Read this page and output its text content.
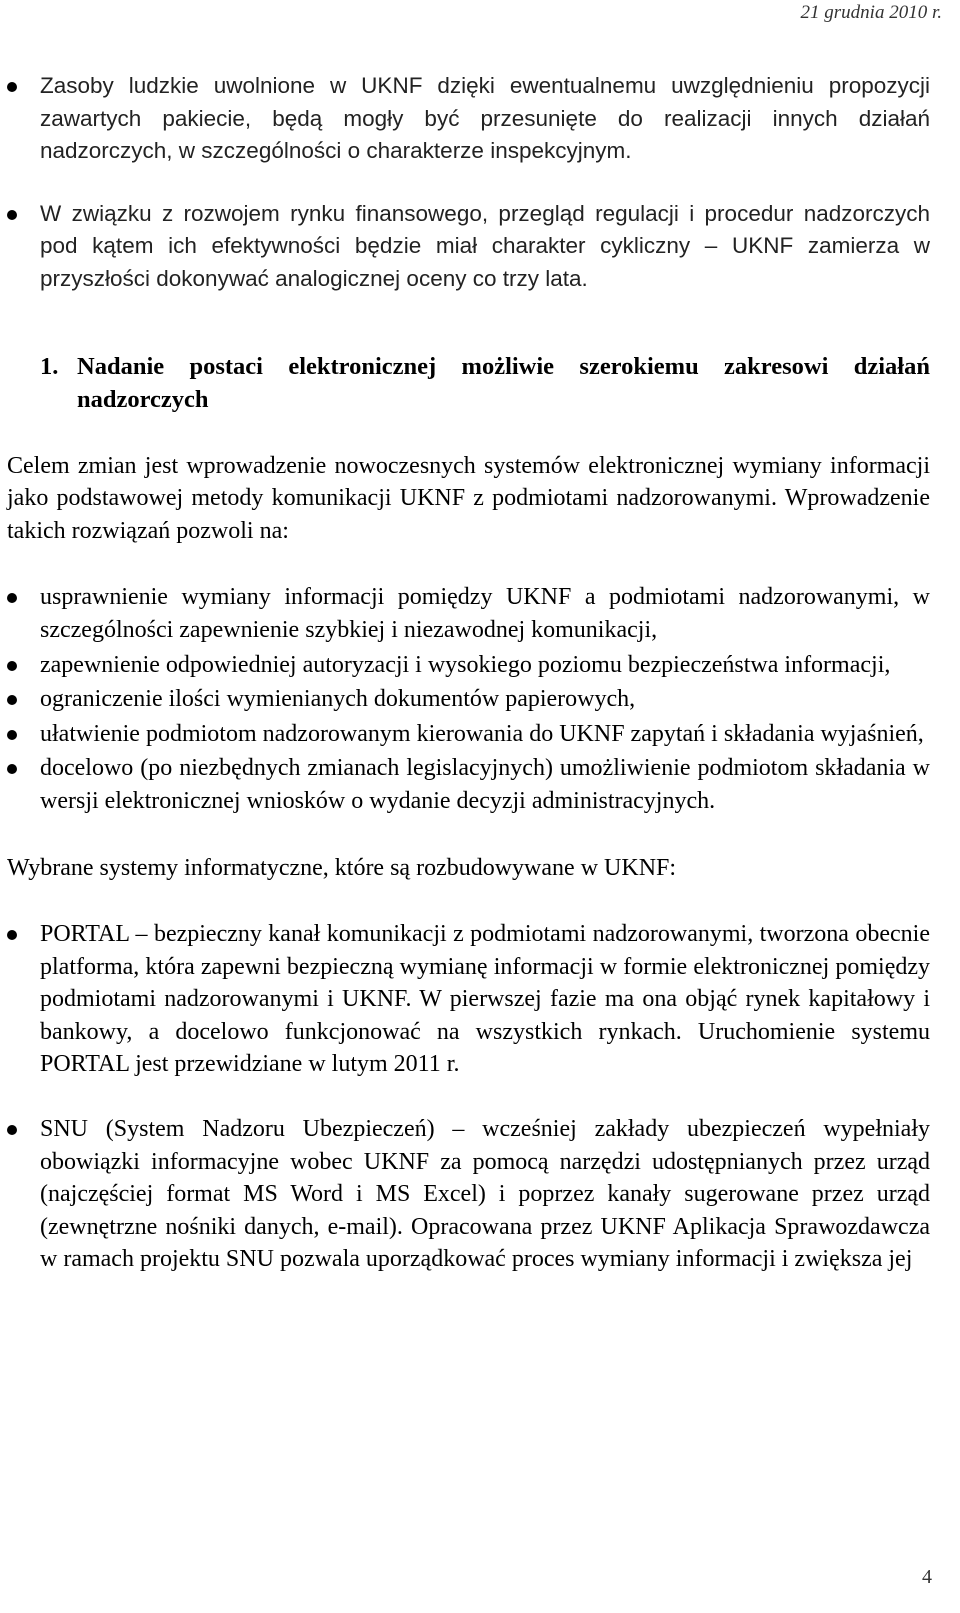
21 grudnia 2010 r.
Zasoby ludzkie uwolnione w UKNF dzięki ewentualnemu uwzględnieniu propozycji zawartych pakiecie, będą mogły być przesunięte do realizacji innych działań nadzorczych, w szczególności o charakterze inspekcyjnym.
W związku z rozwojem rynku finansowego, przegląd regulacji i procedur nadzorczych pod kątem ich efektywności będzie miał charakter cykliczny – UKNF zamierza w przyszłości dokonywać analogicznej oceny co trzy lata.
1. Nadanie postaci elektronicznej możliwie szerokiemu zakresowi działań nadzorczych

Celem zmian jest wprowadzenie nowoczesnych systemów elektronicznej wymiany informacji jako podstawowej metody komunikacji UKNF z podmiotami nadzorowanymi. Wprowadzenie takich rozwiązań pozwoli na:

usprawnienie wymiany informacji pomiędzy UKNF a podmiotami nadzorowanymi, w szczególności zapewnienie szybkiej i niezawodnej komunikacji,
zapewnienie odpowiedniej autoryzacji i wysokiego poziomu bezpieczeństwa informacji,
ograniczenie ilości wymienianych dokumentów papierowych,
ułatwienie podmiotom nadzorowanym kierowania do UKNF zapytań i składania wyjaśnień,
docelowo (po niezbędnych zmianach legislacyjnych) umożliwienie podmiotom składania w wersji elektronicznej wniosków o wydanie decyzji administracyjnych.

Wybrane systemy informatyczne, które są rozbudowywane w UKNF:

PORTAL – bezpieczny kanał komunikacji z podmiotami nadzorowanymi, tworzona obecnie platforma, która zapewni bezpieczną wymianę informacji w formie elektronicznej pomiędzy podmiotami nadzorowanymi i UKNF. W pierwszej fazie ma ona objąć rynek kapitałowy i bankowy, a docelowo funkcjonować na wszystkich rynkach. Uruchomienie systemu PORTAL jest przewidziane w lutym 2011 r.
SNU (System Nadzoru Ubezpieczeń) – wcześniej zakłady ubezpieczeń wypełniały obowiązki informacyjne wobec UKNF za pomocą narzędzi udostępnianych przez urząd (najczęściej format MS Word i MS Excel) i poprzez kanały sugerowane przez urząd (zewnętrzne nośniki danych, e-mail). Opracowana przez UKNF Aplikacja Sprawozdawcza w ramach projektu SNU pozwala uporządkować proces wymiany informacji i zwiększa jej
4
